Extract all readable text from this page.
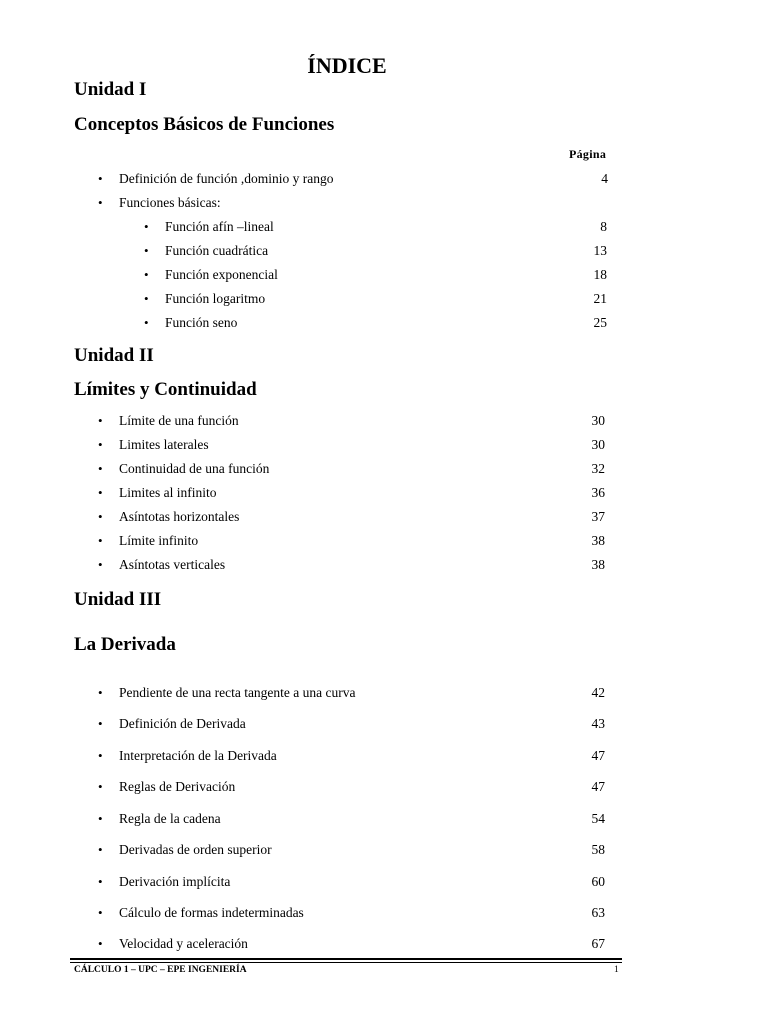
ÍNDICE
Unidad I
Conceptos Básicos de Funciones
Página
• Definición de función ,dominio y rango	4
• Funciones básicas:
• Función afín –lineal	8
• Función cuadrática	13
• Función exponencial	18
• Función logaritmo	21
• Función seno	25
Unidad II
Límites y Continuidad
• Límite de una función	30
• Limites laterales	30
• Continuidad de una función	32
• Limites al infinito	36
• Asíntotas horizontales	37
• Límite infinito	38
• Asíntotas verticales	38
Unidad III
La Derivada
• Pendiente de una recta tangente a una curva	42
• Definición de Derivada	43
• Interpretación de la Derivada	47
• Reglas de Derivación	47
• Regla de la cadena	54
• Derivadas de orden superior	58
• Derivación implícita	60
• Cálculo de formas indeterminadas	63
• Velocidad y aceleración	67
CÁLCULO 1 – UPC – EPE INGENIERÍA	1
